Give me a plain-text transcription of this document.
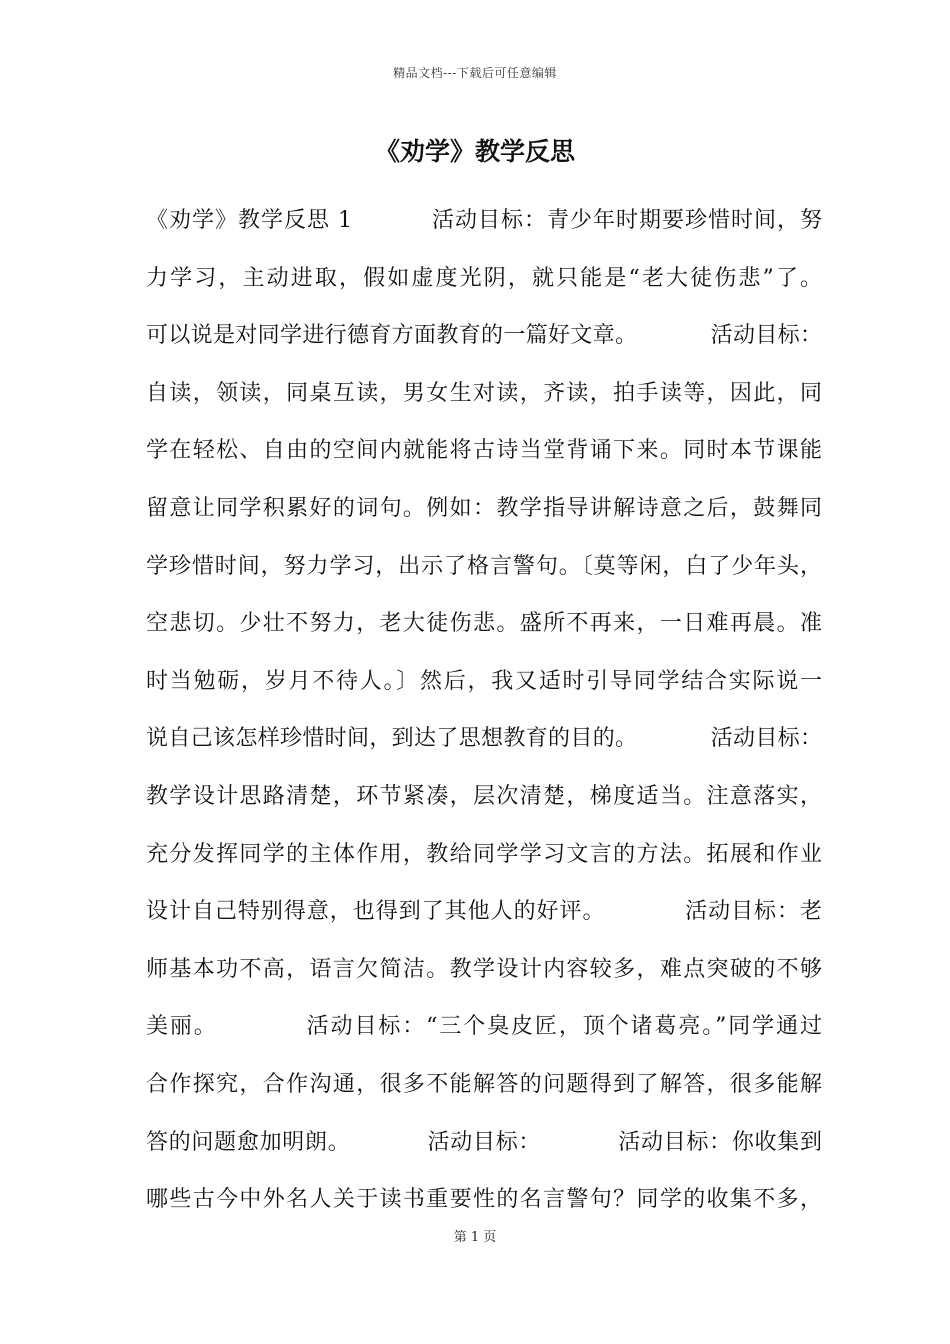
精品文档---下载后可任意编辑
《劝学》教学反思
《劝学》教学反思 1          活动目标：青少年时期要珍惜时间，努
力学习，主动进取，假如虚度光阴，就只能是“老大徒伤悲”了。
可以说是对同学进行德育方面教育的一篇好文章。          活动目标：
自读，领读，同桌互读，男女生对读，齐读，拍手读等，因此，同
学在轻松、自由的空间内就能将古诗当堂背诵下来。同时本节课能
留意让同学积累好的词句。例如：教学指导讲解诗意之后，鼓舞同
学珍惜时间，努力学习，出示了格言警句。〔莫等闲，白了少年头，
空悲切。少壮不努力，老大徒伤悲。盛所不再来，一日难再晨。准
时当勉砺，岁月不待人。〕然后，我又适时引导同学结合实际说一
说自己该怎样珍惜时间，到达了思想教育的目的。          活动目标：
教学设计思路清楚，环节紧凑，层次清楚，梯度适当。注意落实，
充分发挥同学的主体作用，教给同学学习文言的方法。拓展和作业
设计自己特别得意，也得到了其他人的好评。          活动目标：老
师基本功不高，语言欠简洁。教学设计内容较多，难点突破的不够
美丽。          活动目标：“三个臭皮匠，顶个诸葛亮。”同学通过
合作探究，合作沟通，很多不能解答的问题得到了解答，很多能解
答的问题愈加明朗。          活动目标：          活动目标：你收集到
哪些古今中外名人关于读书重要性的名言警句？同学的收集不多，
第 1 页
